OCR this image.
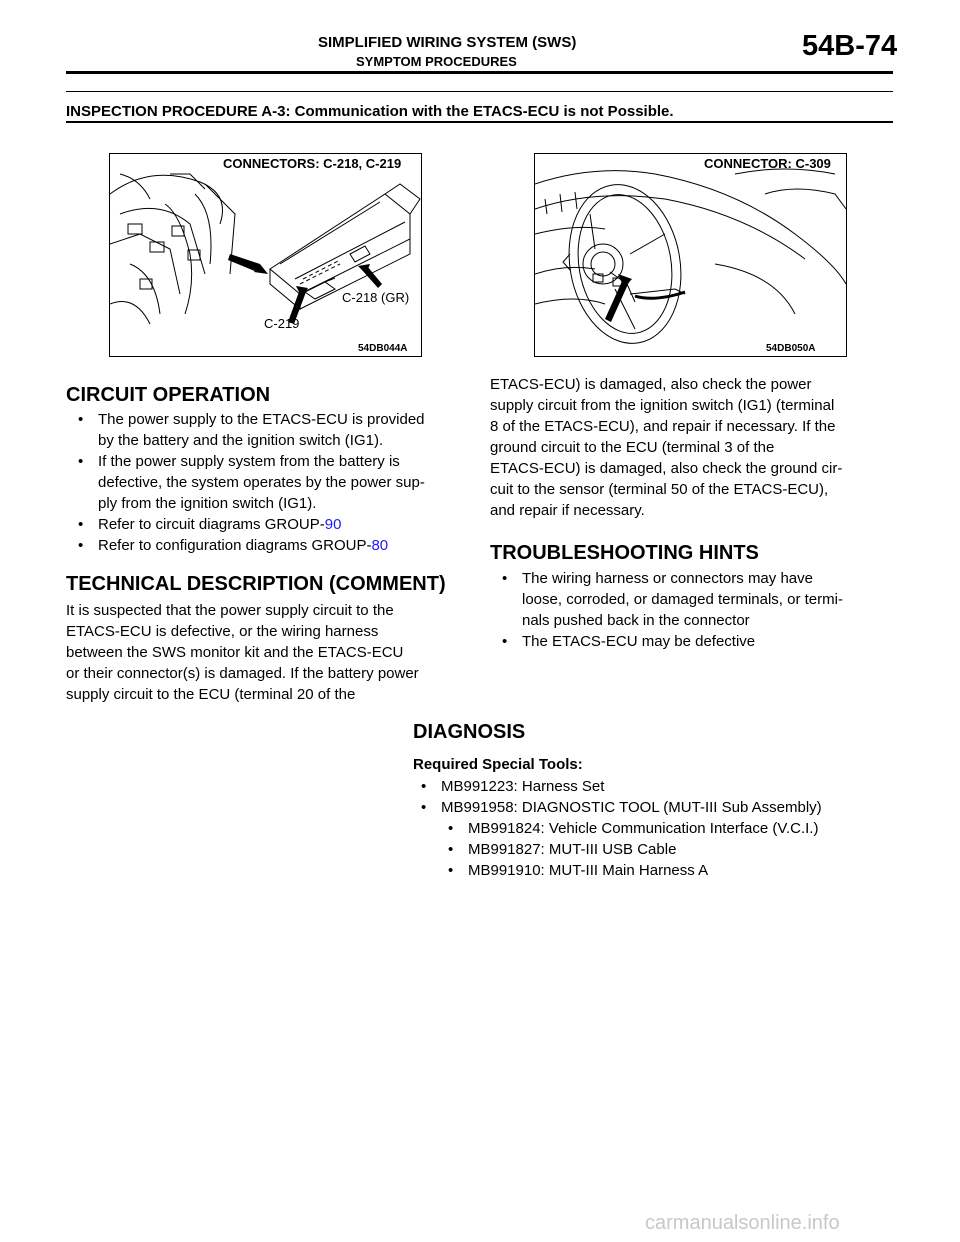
SIMPLIFIED WIRING SYSTEM (SWS)
SYMPTOM PROCEDURES	54B-74
INSPECTION PROCEDURE A-3: Communication with the ETACS-ECU is not Possible.
CONNECTORS: C-218, C-219
C-218 (GR)
C-219
54DB044A
CONNECTOR: C-309
54DB050A
CIRCUIT OPERATION
• The power supply to the ETACS-ECU is provided
by the battery and the ignition switch (IG1).
• If the power supply system from the battery is
defective, the system operates by the power sup-
ply from the ignition switch (IG1).
• Refer to circuit diagrams GROUP-90
• Refer to configuration diagrams GROUP-80
TECHNICAL DESCRIPTION (COMMENT)
It is suspected that the power supply circuit to the
ETACS-ECU is defective, or the wiring harness
between the SWS monitor kit and the ETACS-ECU
or their connector(s) is damaged. If the battery power
supply circuit to the ECU (terminal 20 of the
ETACS-ECU) is damaged, also check the power
supply circuit from the ignition switch (IG1) (terminal
8 of the ETACS-ECU), and repair if necessary. If the
ground circuit to the ECU (terminal 3 of the
ETACS-ECU) is damaged, also check the ground cir-
cuit to the sensor (terminal 50 of the ETACS-ECU),
and repair if necessary.
TROUBLESHOOTING HINTS
• The wiring harness or connectors may have
loose, corroded, or damaged terminals, or termi-
nals pushed back in the connector
• The ETACS-ECU may be defective
DIAGNOSIS
Required Special Tools:
• MB991223: Harness Set
• MB991958: DIAGNOSTIC TOOL (MUT-III Sub Assembly)
• MB991824: Vehicle Communication Interface (V.C.I.)
• MB991827: MUT-III USB Cable
• MB991910: MUT-III Main Harness A
carmanualsonline.info
